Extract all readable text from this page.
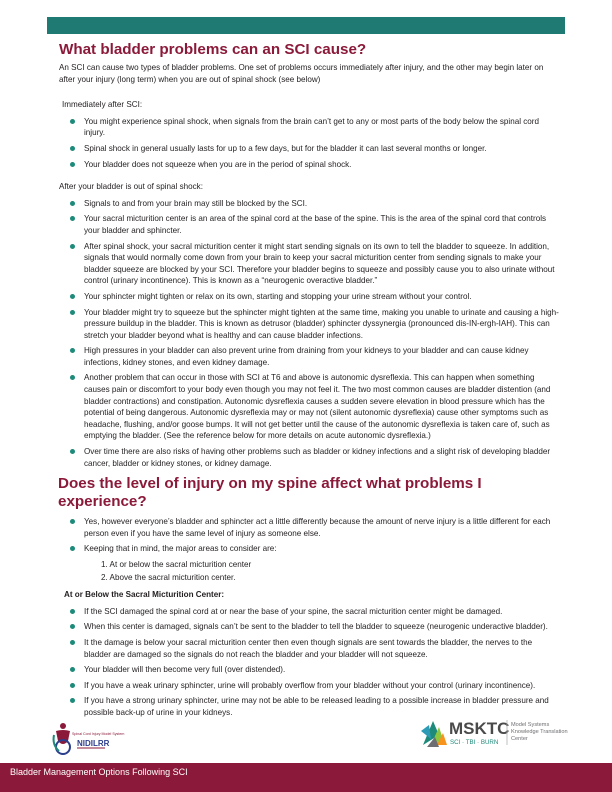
What bladder problems can an SCI cause?

An SCI can cause two types of bladder problems. One set of problems occurs immediately after injury, and the other may begin later on after your injury (long term) when you are out of spinal shock (see below)

Immediately after SCI:

You might experience spinal shock, when signals from the brain can’t get to any or most parts of the body below the spinal cord injury.
Spinal shock in general usually lasts for up to a few days, but for the bladder it can last several months or longer.
Your bladder does not squeeze when you are in the period of spinal shock.

After your bladder is out of spinal shock:

Signals to and from your brain may still be blocked by the SCI.
Your sacral micturition center is an area of the spinal cord at the base of the spine. This is the area of the spinal cord that controls your bladder and sphincter.
After spinal shock, your sacral micturition center it might start sending signals on its own to tell the bladder to squeeze. In addition, signals that would normally come down from your brain to keep your sacral micturition center from sending signals to make your bladder squeeze are blocked by your SCI. Therefore your bladder begins to squeeze and possibly cause you to also urinate without control (urinary incontinence). This is known as a “neurogenic overactive bladder.”
Your sphincter might tighten or relax on its own, starting and stopping your urine stream without your control.
Your bladder might try to squeeze but the sphincter might tighten at the same time, making you unable to urinate and causing a high-pressure buildup in the bladder. This is known as detrusor (bladder) sphincter dyssynergia (pronounced dis-IN-ergh-IAH). This can stretch your bladder beyond what is healthy and can cause bladder infections.
High pressures in your bladder can also prevent urine from draining from your kidneys to your bladder and can cause kidney infections, kidney stones, and even kidney damage.
Another problem that can occur in those with SCI at T6 and above is autonomic dysreflexia. This can happen when something causes pain or discomfort to your body even though you may not feel it. The two most common causes are bladder distention (and bladder contractions) and constipation. Autonomic dysreflexia causes a sudden severe elevation in blood pressure which has the potential of being dangerous. Autonomic dysreflexia may or may not (silent autonomic dysreflexia) cause other symptoms such as headache, flushing, and/or goose bumps. It will not get better until the cause of the autonomic dysreflexia is taken care of, such as emptying the bladder. (See the reference below for more details on acute autonomic dysreflexia.)
Over time there are also risks of having other problems such as bladder or kidney infections and a slight risk of developing bladder cancer, bladder or kidney stones, or kidney damage.
Does the level of injury on my spine affect what problems I experience?
Yes, however everyone’s bladder and sphincter act a little differently because the amount of nerve injury is a little different for each person even if you have the same level of injury as someone else.
Keeping that in mind, the major areas to consider are:
1. At or below the sacral micturition center
2. Above the sacral micturition center.

At or Below the Sacral Micturition Center:

If the SCI damaged the spinal cord at or near the base of your spine, the sacral micturition center might be damaged.
When this center is damaged, signals can’t be sent to the bladder to tell the bladder to squeeze (neurogenic underactive bladder).
It the damage is below your sacral micturition center then even though signals are sent towards the bladder, the nerves to the bladder are damaged so the signals do not reach the bladder and your bladder will not squeeze.
Your bladder will then become very full (over distended).
If you have a weak urinary sphincter, urine will probably overflow from your bladder without your control (urinary incontinence).
If you have a strong urinary sphincter, urine may not be able to be released leading to a possible increase in bladder pressure and possible back-up of urine in your kidneys.
Spinal Cord Injury Model System
NIDILRR
MSKTC
SCI · TBI · BURN
Model Systems
Knowledge Translation
Center
Bladder Management Options Following SCI
